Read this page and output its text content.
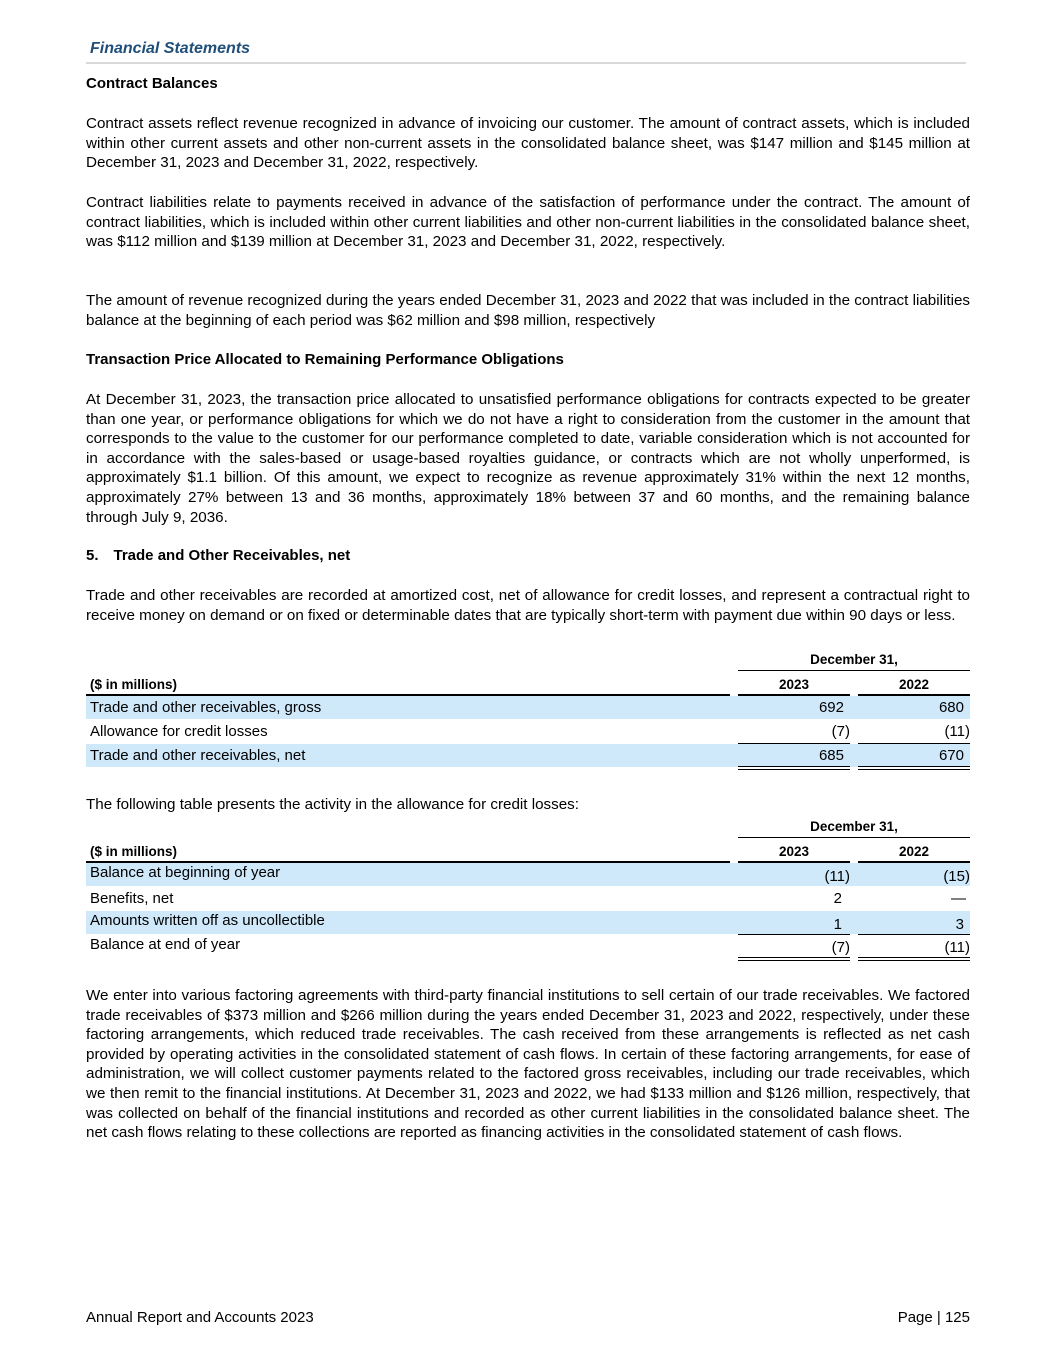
Financial Statements
Contract Balances

Contract assets reflect revenue recognized in advance of invoicing our customer. The amount of contract assets, which is included within other current assets and other non-current assets in the consolidated balance sheet, was $147 million and $145 million at December 31, 2023 and December 31, 2022, respectively.

Contract liabilities relate to payments received in advance of the satisfaction of performance under the contract. The amount of contract liabilities, which is included within other current liabilities and other non-current liabilities in the consolidated balance sheet, was $112 million and $139 million at December 31, 2023 and December 31, 2022, respectively.

The amount of revenue recognized during the years ended December 31, 2023 and 2022 that was included in the contract liabilities balance at the beginning of each period was $62 million and $98 million, respectively

Transaction Price Allocated to Remaining Performance Obligations

At December 31, 2023, the transaction price allocated to unsatisfied performance obligations for contracts expected to be greater than one year, or performance obligations for which we do not have a right to consideration from the customer in the amount that corresponds to the value to the customer for our performance completed to date, variable consideration which is not accounted for in accordance with the sales-based or usage-based royalties guidance, or contracts which are not wholly unperformed, is approximately $1.1 billion. Of this amount, we expect to recognize as revenue approximately 31% within the next 12 months, approximately 27% between 13 and 36 months, approximately 18% between 37 and 60 months, and the remaining balance through July 9, 2036.

5. Trade and Other Receivables, net

Trade and other receivables are recorded at amortized cost, net of allowance for credit losses, and represent a contractual right to receive money on demand or on fixed or determinable dates that are typically short-term with payment due within 90 days or less.

December 31,
($ in millions)	2023	2022
Trade and other receivables, gross	692	680
Allowance for credit losses	(7)	(11)
Trade and other receivables, net	685	670

The following table presents the activity in the allowance for credit losses:

December 31,
($ in millions)	2023	2022
Balance at beginning of year	(11)	(15)
Benefits, net	2	—
Amounts written off as uncollectible	1	3
Balance at end of year	(7)	(11)

We enter into various factoring agreements with third-party financial institutions to sell certain of our trade receivables. We factored trade receivables of $373 million and $266 million during the years ended December 31, 2023 and 2022, respectively, under these factoring arrangements, which reduced trade receivables. The cash received from these arrangements is reflected as net cash provided by operating activities in the consolidated statement of cash flows. In certain of these factoring arrangements, for ease of administration, we will collect customer payments related to the factored gross receivables, including our trade receivables, which we then remit to the financial institutions. At December 31, 2023 and 2022, we had $133 million and $126 million, respectively, that was collected on behalf of the financial institutions and recorded as other current liabilities in the consolidated balance sheet. The net cash flows relating to these collections are reported as financing activities in the consolidated statement of cash flows.

Annual Report and Accounts 2023	Page | 125
